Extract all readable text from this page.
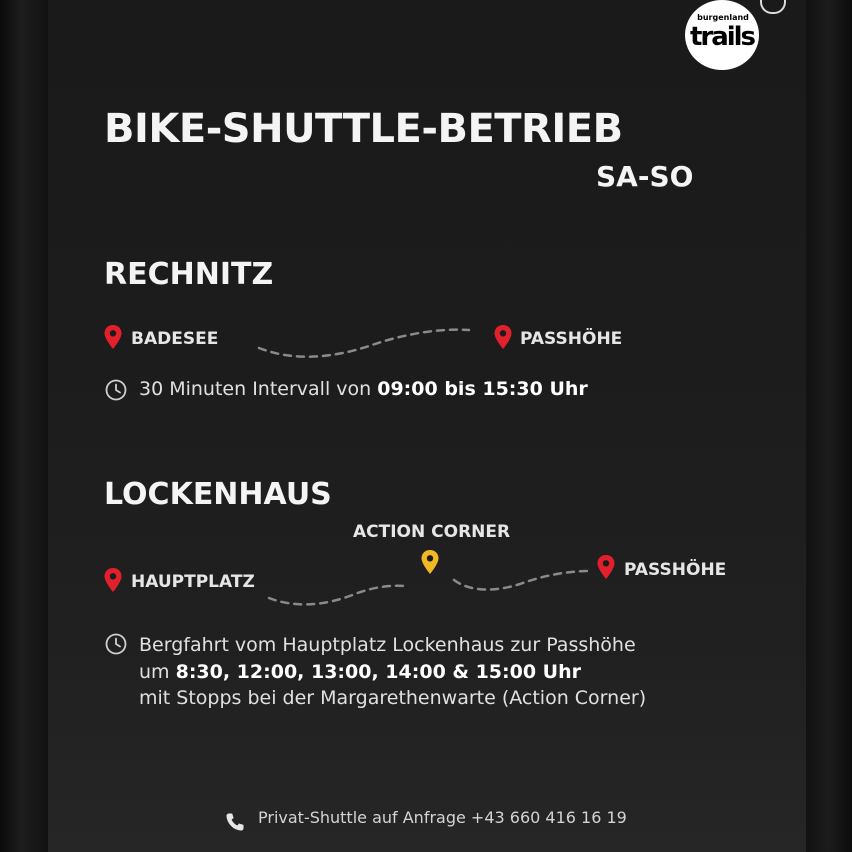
burgenland
trails
BIKE-SHUTTLE-BETRIEB
SA-SO
RECHNITZ
BADESEE	PASSHÖHE
30 Minuten Intervall von 09:00 bis 15:30 Uhr
LOCKENHAUS
ACTION CORNER
HAUPTPLATZ
PASSHÖHE
Bergfahrt vom Hauptplatz Lockenhaus zur Passhöhe
um 8:30, 12:00, 13:00, 14:00 & 15:00 Uhr
mit Stopps bei der Margarethenwarte (Action Corner)
Privat-Shuttle auf Anfrage +43 660 416 16 19
